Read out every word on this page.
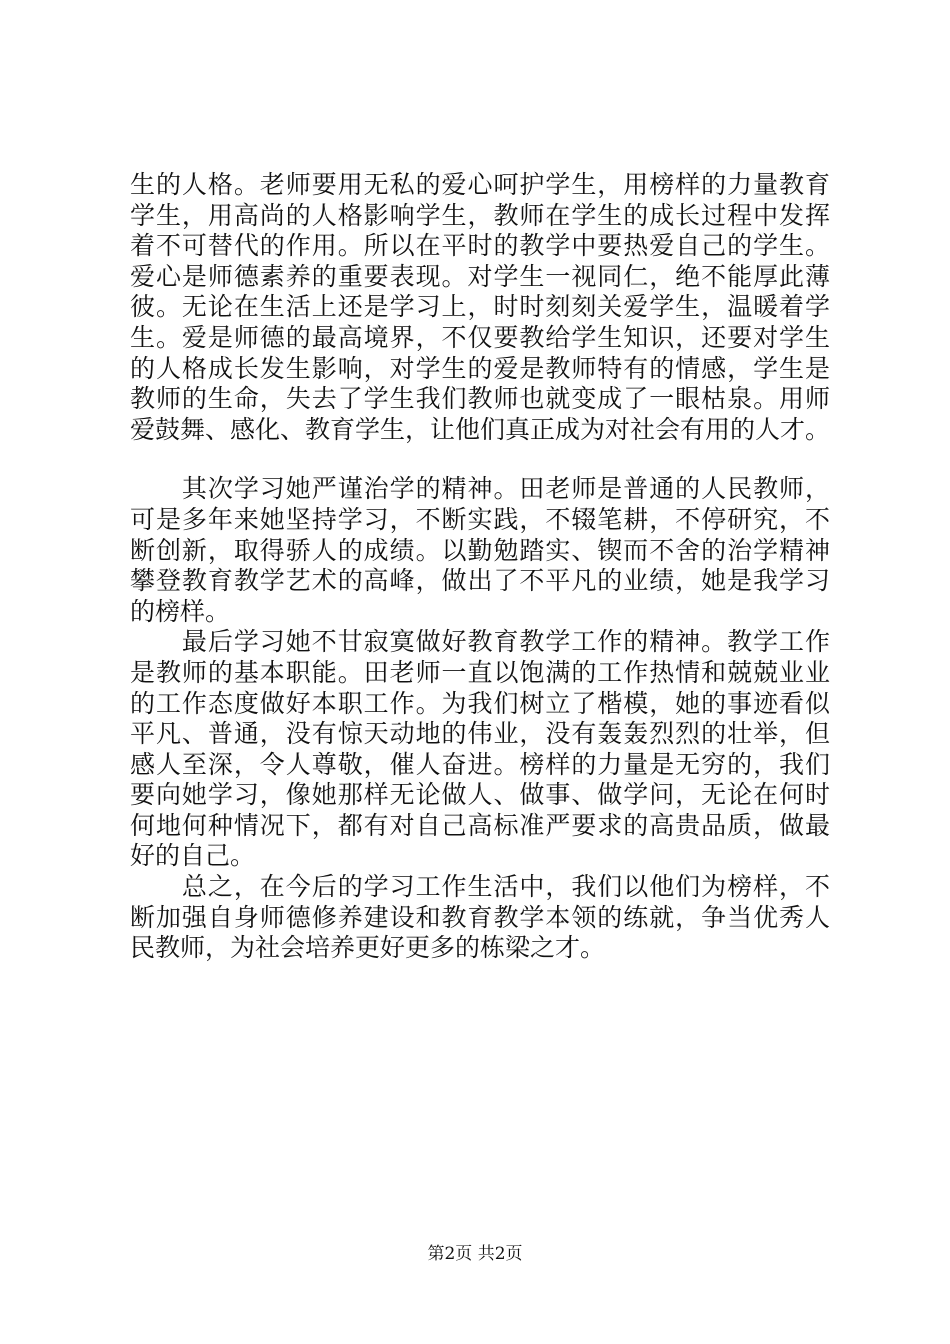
生的人格。老师要用无私的爱心呵护学生，用榜样的力量教育
学生，用高尚的人格影响学生，教师在学生的成长过程中发挥
着不可替代的作用。所以在平时的教学中要热爱自己的学生。
爱心是师德素养的重要表现。对学生一视同仁，绝不能厚此薄
彼。无论在生活上还是学习上，时时刻刻关爱学生，温暖着学
生。爱是师德的最高境界，不仅要教给学生知识，还要对学生
的人格成长发生影响，对学生的爱是教师特有的情感，学生是
教师的生命，失去了学生我们教师也就变成了一眼枯泉。用师
爱鼓舞、感化、教育学生，让他们真正成为对社会有用的人才。
　　其次学习她严谨治学的精神。田老师是普通的人民教师，
可是多年来她坚持学习，不断实践，不辍笔耕，不停研究，不
断创新，取得骄人的成绩。以勤勉踏实、锲而不舍的治学精神
攀登教育教学艺术的高峰，做出了不平凡的业绩，她是我学习
的榜样。
　　最后学习她不甘寂寞做好教育教学工作的精神。教学工作
是教师的基本职能。田老师一直以饱满的工作热情和兢兢业业
的工作态度做好本职工作。为我们树立了楷模，她的事迹看似
平凡、普通，没有惊天动地的伟业，没有轰轰烈烈的壮举，但
感人至深，令人尊敬，催人奋进。榜样的力量是无穷的，我们
要向她学习，像她那样无论做人、做事、做学问，无论在何时
何地何种情况下，都有对自己高标准严要求的高贵品质，做最
好的自己。
　　总之，在今后的学习工作生活中，我们以他们为榜样，不
断加强自身师德修养建设和教育教学本领的练就，争当优秀人
民教师，为社会培养更好更多的栋梁之才。
第2页 共2页
